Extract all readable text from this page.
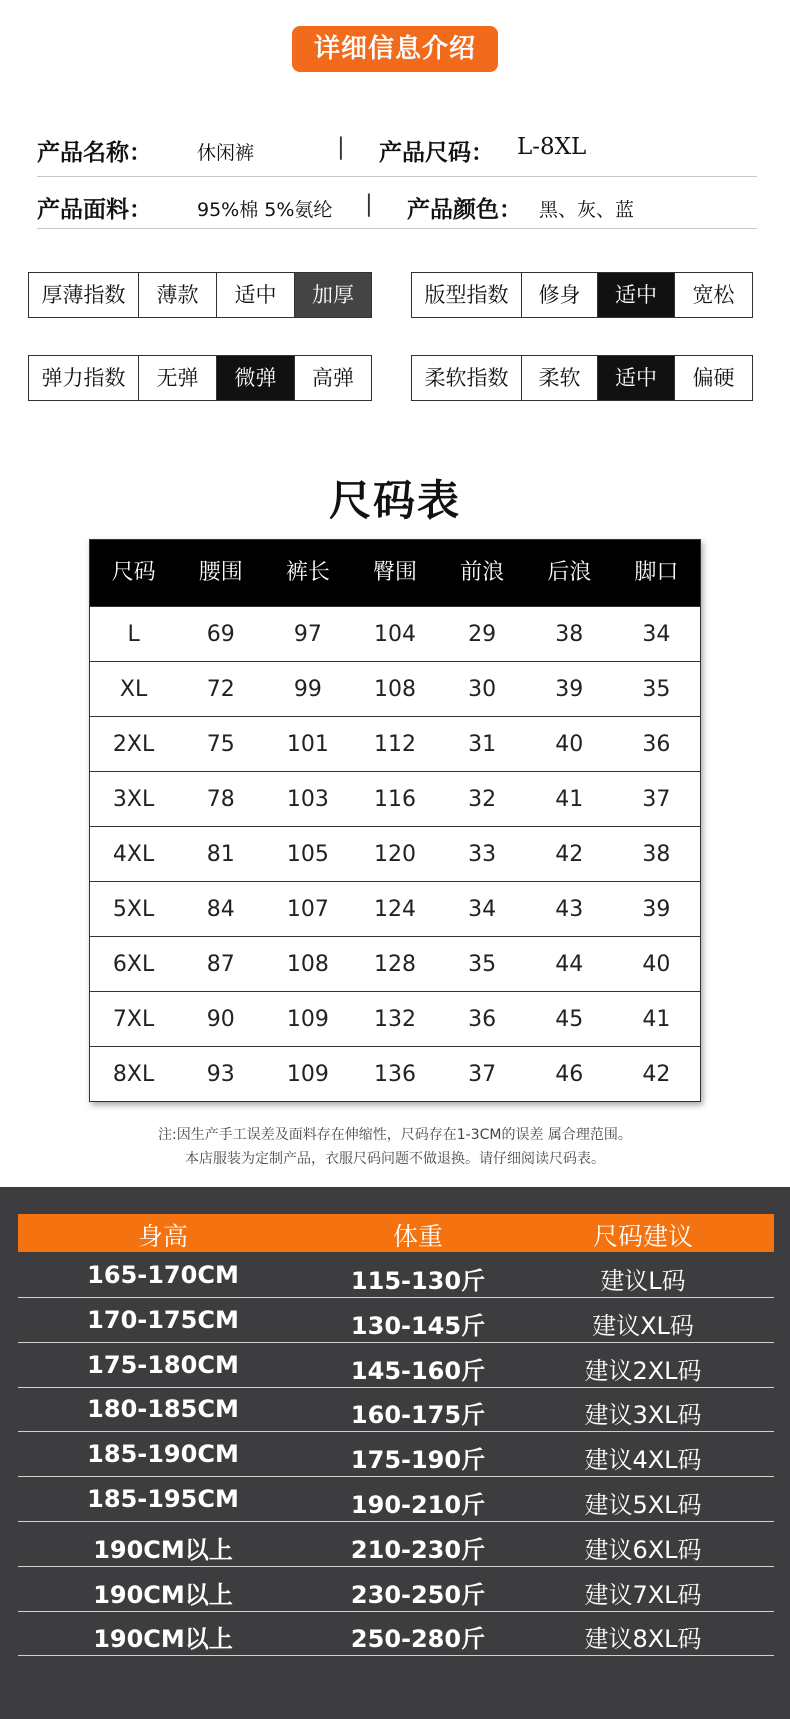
详细信息介绍
产品名称： 休闲裤	| 产品尺码： L-8XL
产品面料： 95%棉 5%氨纶 | 产品颜色： 黑、灰、蓝
厚薄指数	薄款	适中	加厚	版型指数	修身	适中	宽松
弹力指数	无弹	微弹	高弹	柔软指数	柔软	适中	偏硬
尺码表
尺码	腰围	裤长	臀围	前浪	后浪	脚口
L	69	97	104	29	38	34
XL	72	99	108	30	39	35
2XL	75	101	112	31	40	36
3XL	78	103	116	32	41	37
4XL	81	105	120	33	42	38
5XL	84	107	124	34	43	39
6XL	87	108	128	35	44	40
7XL	90	109	132	36	45	41
8XL	93	109	136	37	46	42
注:因生产手工误差及面料存在伸缩性，尺码存在1-3CM的误差 属合理范围。
本店服装为定制产品，衣服尺码问题不做退换。请仔细阅读尺码表。
身高	体重	尺码建议
165-170CM	115-130斤	建议L码
170-175CM	130-145斤	建议XL码
175-180CM	145-160斤	建议2XL码
180-185CM	160-175斤	建议3XL码
185-190CM	175-190斤	建议4XL码
185-195CM	190-210斤	建议5XL码
190CM以上	210-230斤	建议6XL码
190CM以上	230-250斤	建议7XL码
190CM以上	250-280斤	建议8XL码
